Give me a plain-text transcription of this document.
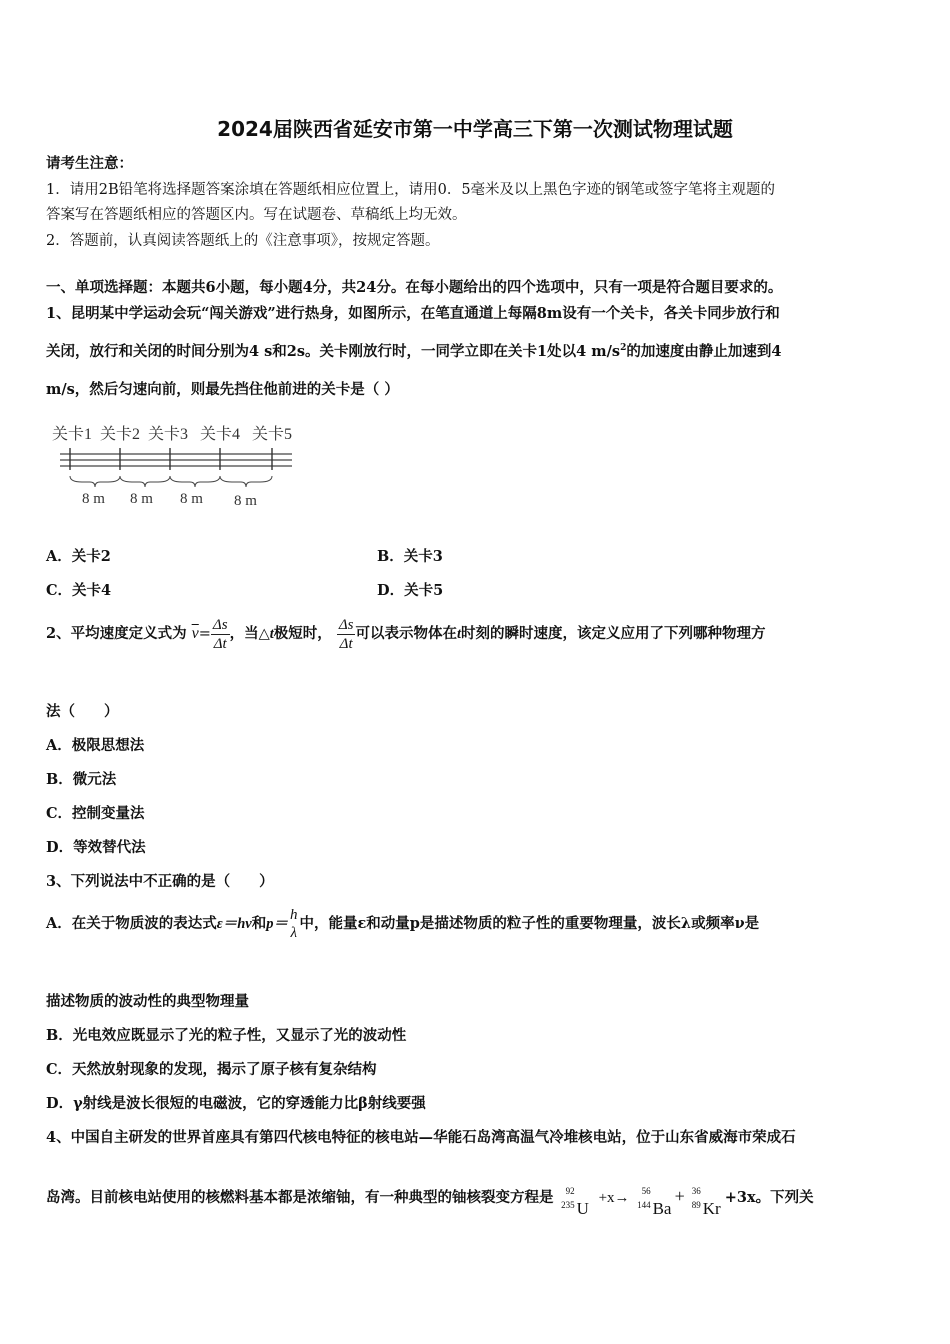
2024届陕西省延安市第一中学高三下第一次测试物理试题
请考生注意：
1．请用2B铅笔将选择题答案涂填在答题纸相应位置上，请用0．5毫米及以上黑色字迹的钢笔或签字笔将主观题的
答案写在答题纸相应的答题区内。写在试题卷、草稿纸上均无效。
2．答题前，认真阅读答题纸上的《注意事项》，按规定答题。
一、单项选择题：本题共6小题，每小题4分，共24分。在每小题给出的四个选项中，只有一项是符合题目要求的。
1、昆明某中学运动会玩“闯关游戏”进行热身，如图所示，在笔直通道上每隔8m设有一个关卡，各关卡同步放行和
关闭，放行和关闭的时间分别为4 s和2s。关卡刚放行时，一同学立即在关卡1处以4 $m/s^2$的加速度由静止加速到4
m/s，然后匀速向前，则最先挡住他前进的关卡是（ ）
关卡1 关卡2 关卡3 关卡4 关卡5
8 m 8 m 8 m 8 m
A．关卡2	B．关卡3
C．关卡4	D．关卡5
2、平均速度定义式为 $\overline{v}= \frac{\Delta s}{\Delta t}$ ，当△t极短时， $\frac{\Delta s}{\Delta t}$ 可以表示物体在t时刻的瞬时速度，该定义应用了下列哪种物理方
法（　　）
A．极限思想法
B．微元法
C．控制变量法
D．等效替代法
3、下列说法中不正确的是（　　）
A．在关于物质波的表达式ε＝hν和p＝
h
λ
中，能量ε和动量p是描述物质的粒子性的重要物理量，波长λ或频率ν是
描述物质的波动性的典型物理量
B．光电效应既显示了光的粒子性，又显示了光的波动性
C．天然放射现象的发现，揭示了原子核有复杂结构
D．γ射线是波长很短的电磁波，它的穿透能力比β射线要强
4、中国自主研发的世界首座具有第四代核电特征的核电站—华能石岛湾高温气冷堆核电站，位于山东省威海市荣成石
岛湾。目前核电站使用的核燃料基本都是浓缩铀，有一种典型的铀核裂变方程是 235
92
U
+x→ 144
56
Ba
+ 89
36
Kr
+3x。下列关
